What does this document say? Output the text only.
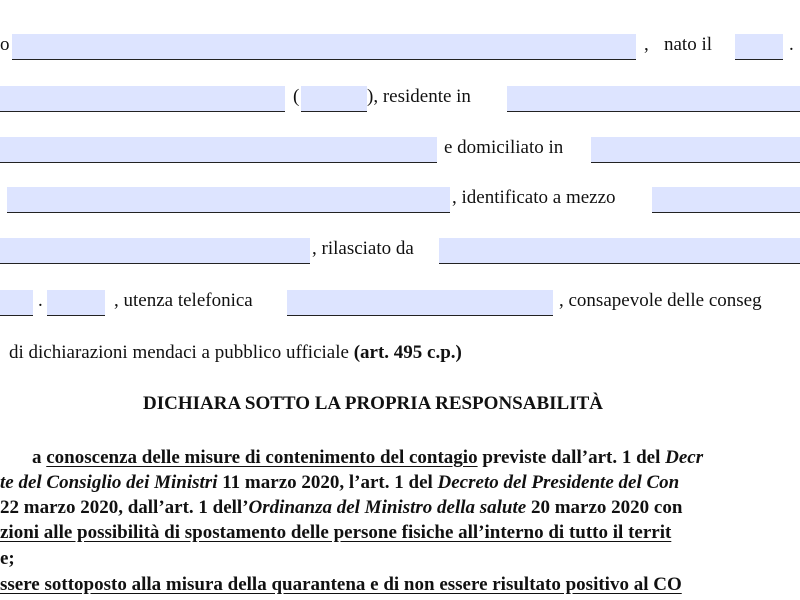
o	, nato il	.
(	), residente in
e domiciliato in
, identificato a mezzo
, rilasciato da
.	, utenza telefonica	, consapevole delle conseg
di dichiarazioni mendaci a pubblico ufficiale (art. 495 c.p.)
DICHIARA SOTTO LA PROPRIA RESPONSABILITÀ
a conoscenza delle misure di contenimento del contagio previste dall’art. 1 del Decr
te del Consiglio dei Ministri 11 marzo 2020, l’art. 1 del Decreto del Presidente del Con
22 marzo 2020, dall’art. 1 dell’Ordinanza del Ministro della salute 20 marzo 2020 con
zioni alle possibilità di spostamento delle persone fisiche all’interno di tutto il territ
e;
ssere sottoposto alla misura della quarantena e di non essere risultato positivo al CO
